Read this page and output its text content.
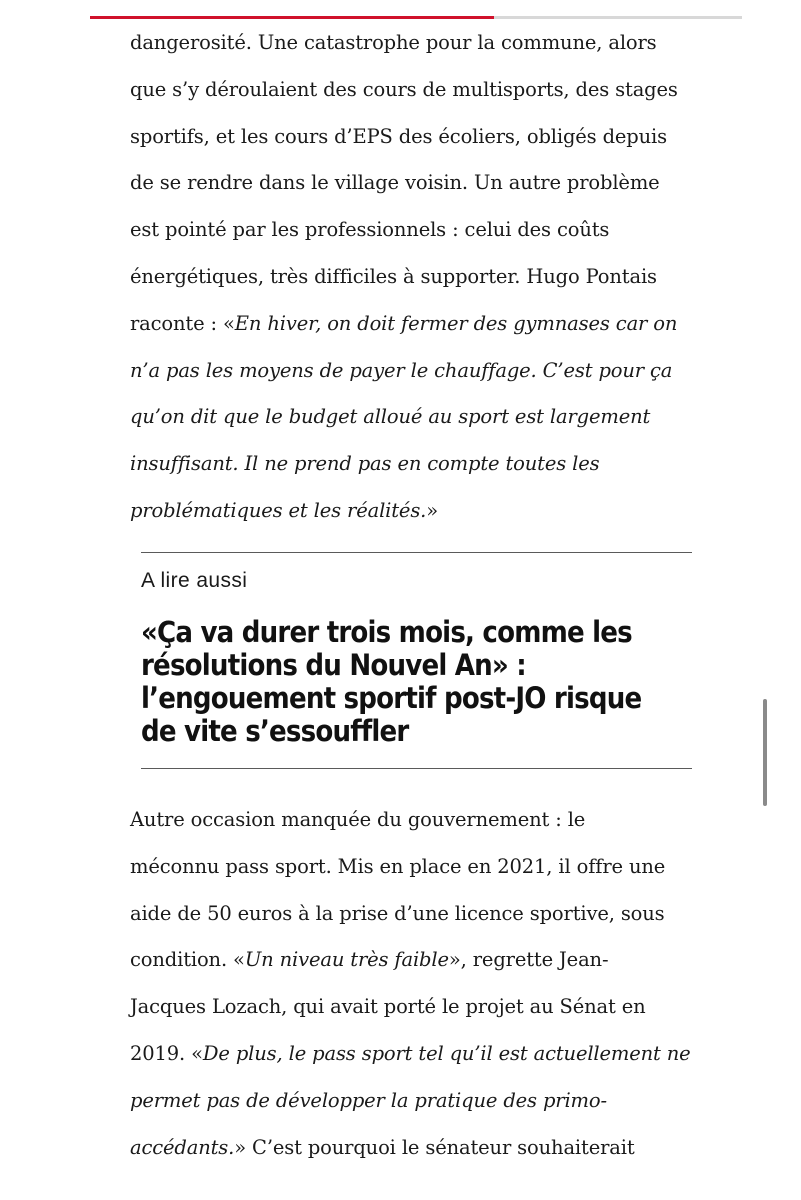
dangerosité. Une catastrophe pour la commune, alors
que s’y déroulaient des cours de multisports, des stages
sportifs, et les cours d’EPS des écoliers, obligés depuis
de se rendre dans le village voisin. Un autre problème
est pointé par les professionnels : celui des coûts
énergétiques, très difficiles à supporter. Hugo Pontais
raconte : «En hiver, on doit fermer des gymnases car on
n’a pas les moyens de payer le chauffage. C’est pour ça
qu’on dit que le budget alloué au sport est largement
insuffisant. Il ne prend pas en compte toutes les
problématiques et les réalités.»

A lire aussi
«Ça va durer trois mois, comme les
résolutions du Nouvel An» :
l’engouement sportif post-JO risque
de vite s’essouffler

Autre occasion manquée du gouvernement : le
méconnu pass sport. Mis en place en 2021, il offre une
aide de 50 euros à la prise d’une licence sportive, sous
condition. «Un niveau très faible», regrette Jean-
Jacques Lozach, qui avait porté le projet au Sénat en
2019. «De plus, le pass sport tel qu’il est actuellement ne
permet pas de développer la pratique des primo-
accédants.» C’est pourquoi le sénateur souhaiterait
